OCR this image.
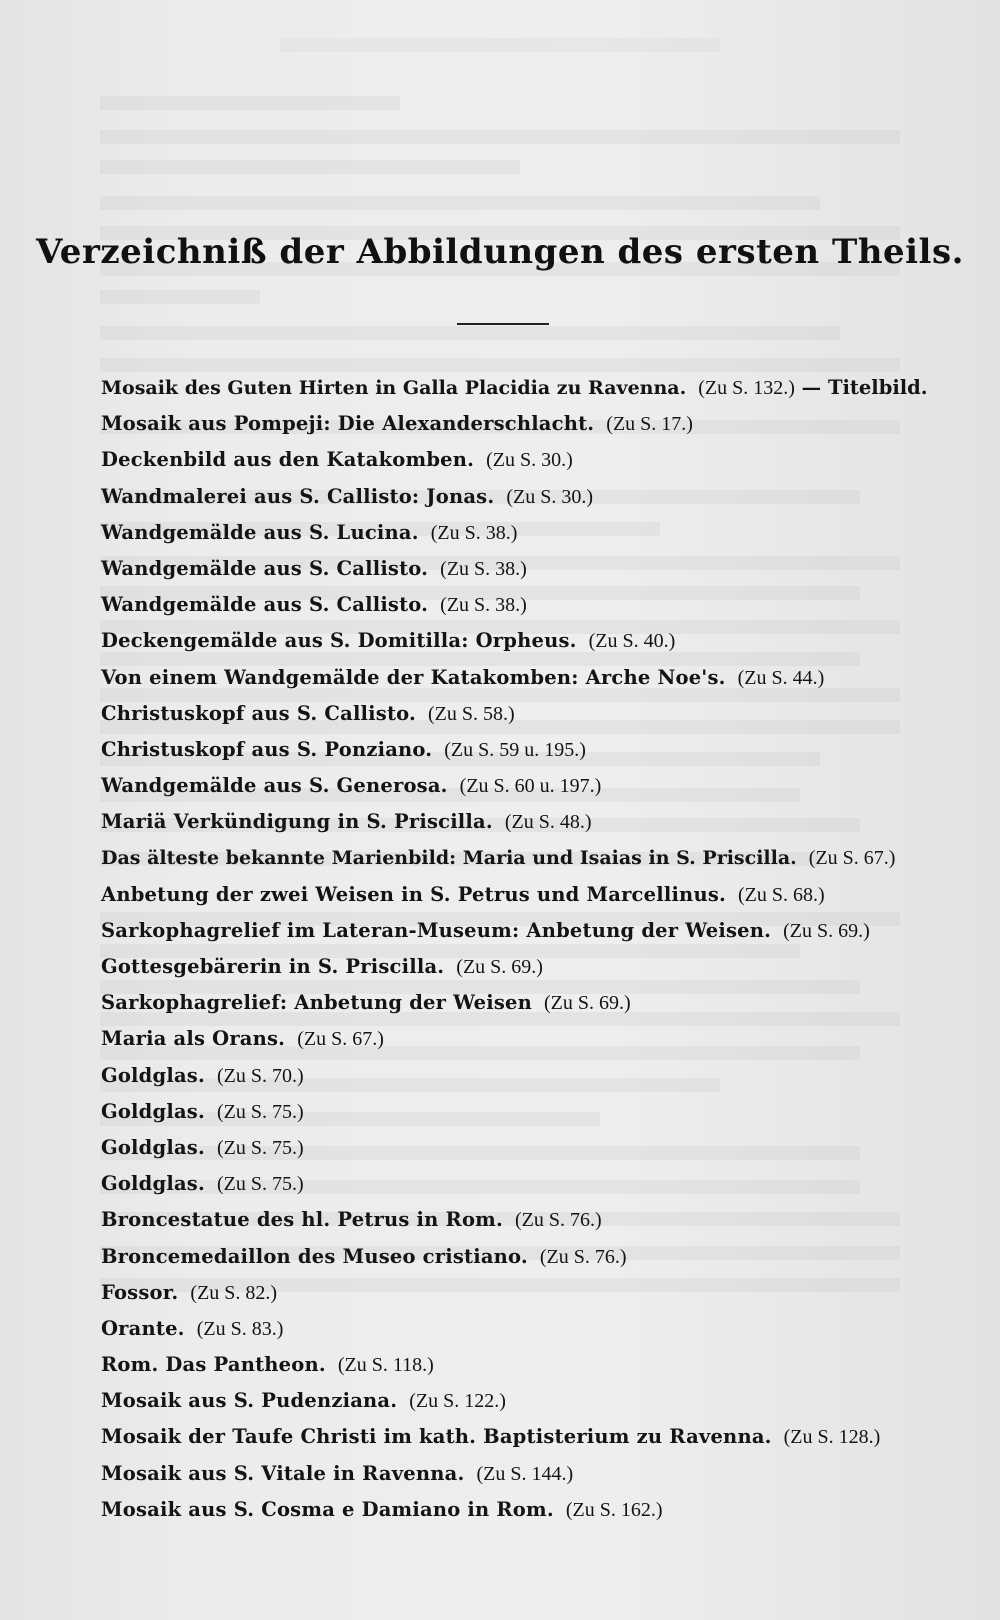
Verzeichniß der Abbildungen des ersten Theils.
Mosaik des Guten Hirten in Galla Placidia zu Ravenna. (Zu S. 132.) — Titelbild.
Mosaik aus Pompeji: Die Alexanderschlacht. (Zu S. 17.)
Deckenbild aus den Katakomben. (Zu S. 30.)
Wandmalerei aus S. Callisto: Jonas. (Zu S. 30.)
Wandgemälde aus S. Lucina. (Zu S. 38.)
Wandgemälde aus S. Callisto. (Zu S. 38.)
Wandgemälde aus S. Callisto. (Zu S. 38.)
Deckengemälde aus S. Domitilla: Orpheus. (Zu S. 40.)
Von einem Wandgemälde der Katakomben: Arche Noe's. (Zu S. 44.)
Christuskopf aus S. Callisto. (Zu S. 58.)
Christuskopf aus S. Ponziano. (Zu S. 59 u. 195.)
Wandgemälde aus S. Generosa. (Zu S. 60 u. 197.)
Mariä Verkündigung in S. Priscilla. (Zu S. 48.)
Das älteste bekannte Marienbild: Maria und Isaias in S. Priscilla. (Zu S. 67.)
Anbetung der zwei Weisen in S. Petrus und Marcellinus. (Zu S. 68.)
Sarkophagrelief im Lateran-Museum: Anbetung der Weisen. (Zu S. 69.)
Gottesgebärerin in S. Priscilla. (Zu S. 69.)
Sarkophagrelief: Anbetung der Weisen (Zu S. 69.)
Maria als Orans. (Zu S. 67.)
Goldglas. (Zu S. 70.)
Goldglas. (Zu S. 75.)
Goldglas. (Zu S. 75.)
Goldglas. (Zu S. 75.)
Broncestatue des hl. Petrus in Rom. (Zu S. 76.)
Broncemedaillon des Museo cristiano. (Zu S. 76.)
Fossor. (Zu S. 82.)
Orante. (Zu S. 83.)
Rom. Das Pantheon. (Zu S. 118.)
Mosaik aus S. Pudenziana. (Zu S. 122.)
Mosaik der Taufe Christi im kath. Baptisterium zu Ravenna. (Zu S. 128.)
Mosaik aus S. Vitale in Ravenna. (Zu S. 144.)
Mosaik aus S. Cosma e Damiano in Rom. (Zu S. 162.)
